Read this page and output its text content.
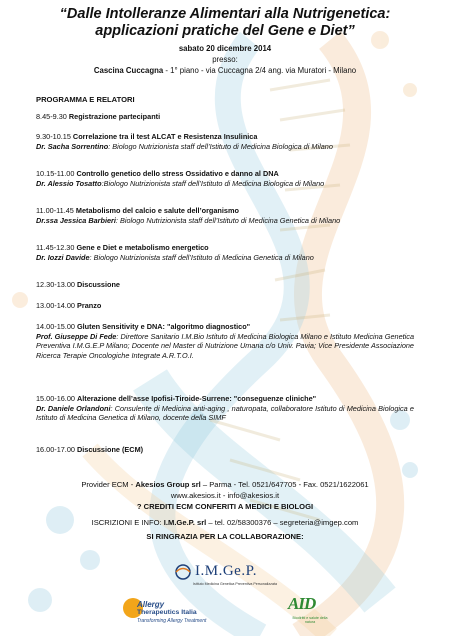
“Dalle Intolleranze Alimentari alla Nutrigenetica:
applicazioni pratiche del Gene e Diet”
sabato 20 dicembre 2014
presso:
Cascina Cuccagna - 1° piano - via Cuccagna 2/4 ang. via Muratori - Milano
PROGRAMMA E RELATORI
8.45-9.30 Registrazione partecipanti
9.30-10.15 Correlazione tra il test ALCAT e Resistenza Insulinica
Dr. Sacha Sorrentino: Biologo Nutrizionista staff dell’Istituto di Medicina Biologica di Milano
10.15-11.00 Controllo genetico dello stress Ossidativo e danno al DNA
Dr. Alessio Tosatto:Biologo Nutrizionista staff dell’Istituto di Medicina Biologica di Milano
11.00-11.45 Metabolismo del calcio e salute dell’organismo
Dr.ssa Jessica Barbieri: Biologo Nutrizionista staff dell’Istituto di Medicina Genetica di Milano
11.45-12.30 Gene e Diet e metabolismo energetico
Dr. Iozzi Davide: Biologo Nutrizionista staff dell’Istituto di Medicina Genetica di Milano
12.30-13.00 Discussione
13.00-14.00 Pranzo
14.00-15.00 Gluten Sensitivity e DNA: "algoritmo diagnostico"
Prof. Giuseppe Di Fede: Direttore Sanitario I.M.Bio Istituto di Medicina Biologica Milano e Istituto Medicina Genetica Preventiva I.M.G.E.P Milano; Docente nel Master di Nutrizione Umana c/o Univ. Pavia; Vice Presidente Associazione Ricerca Terapie Oncologiche Integrate A.R.T.O.I.
15.00-16.00 Alterazione dell’asse Ipofisi-Tiroide-Surrene: "conseguenze cliniche"
Dr. Daniele Orlandoni: Consulente di Medicina anti-aging , naturopata, collaboratore Istituto di Medicina Biologica e Istituto di Medicina Genetica di Milano, docente della SIMF
16.00-17.00 Discussione (ECM)
Provider ECM - Akesios Group srl – Parma - Tel. 0521/647705 - Fax. 0521/1622061
www.akesios.it - info@akesios.it
? CREDITI ECM CONFERITI A MEDICI E BIOLOGI
ISCRIZIONI E INFO: I.M.Ge.P. srl – tel. 02/58300376 – segreteria@imgep.com
SI RINGRAZIA PER LA COLLABORAZIONE:
I.M.Ge.P.
Istituto Medicina Genetica Preventiva Personalizzata
Allergy
Therapeutics Italia
Transforming Allergy Treatment
AID
Biodiritti e salute della natura
